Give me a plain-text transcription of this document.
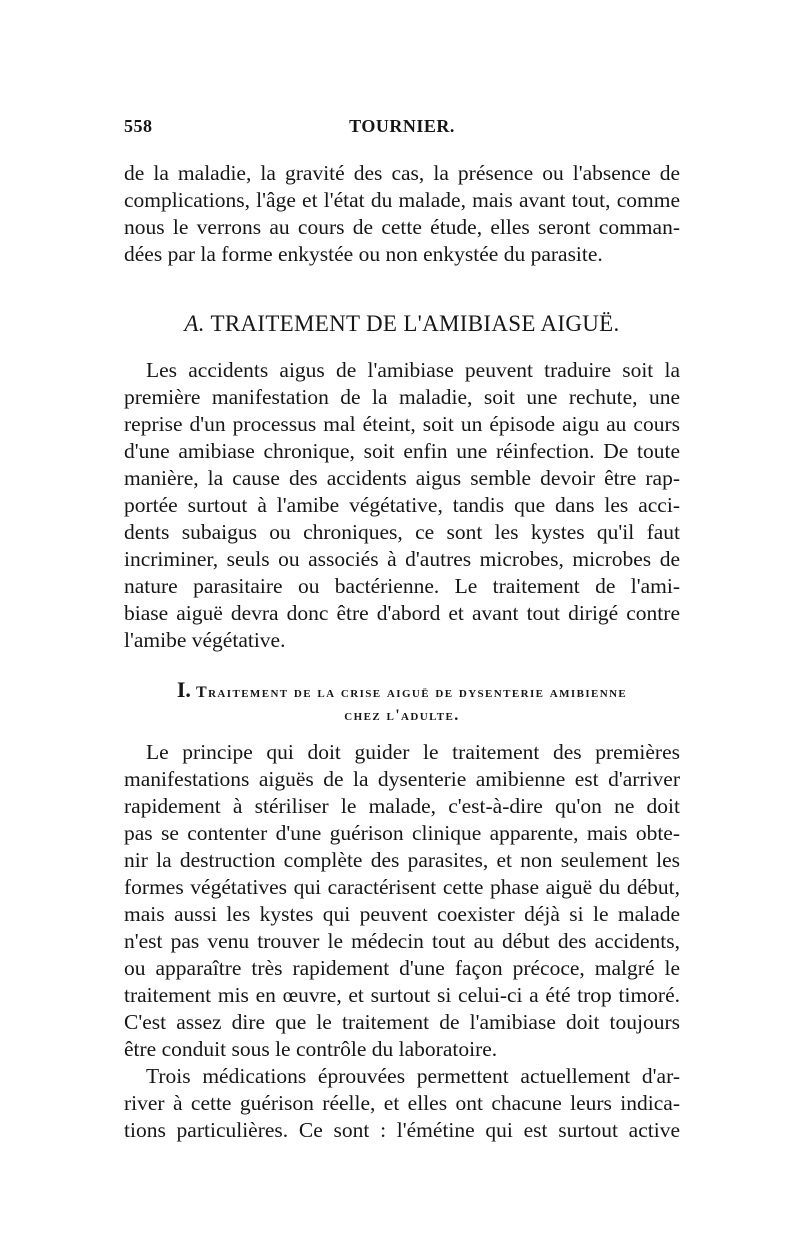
558	TOURNIER.
de la maladie, la gravité des cas, la présence ou l'absence de
complications, l'âge et l'état du malade, mais avant tout, comme
nous le verrons au cours de cette étude, elles seront comman-
dées par la forme enkystée ou non enkystée du parasite.
A. TRAITEMENT DE L'AMIBIASE AIGUË.
Les accidents aigus de l'amibiase peuvent traduire soit la
première manifestation de la maladie, soit une rechute, une
reprise d'un processus mal éteint, soit un épisode aigu au cours
d'une amibiase chronique, soit enfin une réinfection. De toute
manière, la cause des accidents aigus semble devoir être rap-
portée surtout à l'amibe végétative, tandis que dans les acci-
dents subaigus ou chroniques, ce sont les kystes qu'il faut
incriminer, seuls ou associés à d'autres microbes, microbes de
nature parasitaire ou bactérienne. Le traitement de l'ami-
biase aiguë devra donc être d'abord et avant tout dirigé contre
l'amibe végétative.
I. Traitement de la crise aiguë de dysenterie amibienne
chez l'adulte.
Le principe qui doit guider le traitement des premières
manifestations aiguës de la dysenterie amibienne est d'arriver
rapidement à stériliser le malade, c'est-à-dire qu'on ne doit
pas se contenter d'une guérison clinique apparente, mais obte-
nir la destruction complète des parasites, et non seulement les
formes végétatives qui caractérisent cette phase aiguë du début,
mais aussi les kystes qui peuvent coexister déjà si le malade
n'est pas venu trouver le médecin tout au début des accidents,
ou apparaître très rapidement d'une façon précoce, malgré le
traitement mis en œuvre, et surtout si celui-ci a été trop timoré.
C'est assez dire que le traitement de l'amibiase doit toujours
être conduit sous le contrôle du laboratoire.
Trois médications éprouvées permettent actuellement d'ar-
river à cette guérison réelle, et elles ont chacune leurs indica-
tions particulières. Ce sont : l'émétine qui est surtout active
